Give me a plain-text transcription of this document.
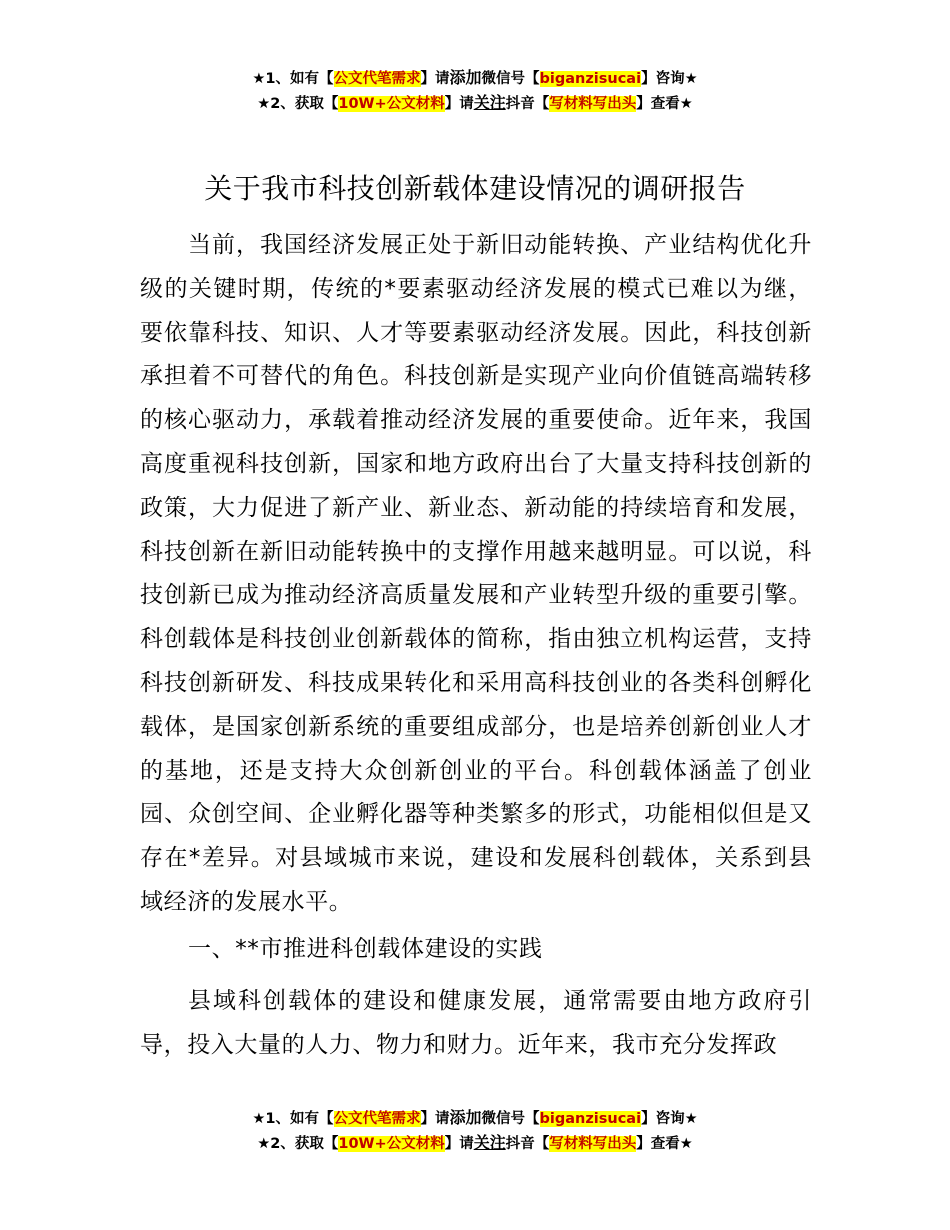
★1、如有【公文代笔需求】请添加微信号【biganzisucai】咨询★
★2、获取【10W+公文材料】请关注抖音【写材料写出头】查看★
关于我市科技创新载体建设情况的调研报告

当前，我国经济发展正处于新旧动能转换、产业结构优化升级的关键时期，传统的*要素驱动经济发展的模式已难以为继，要依靠科技、知识、人才等要素驱动经济发展。因此，科技创新承担着不可替代的角色。科技创新是实现产业向价值链高端转移的核心驱动力，承载着推动经济发展的重要使命。近年来，我国高度重视科技创新，国家和地方政府出台了大量支持科技创新的政策，大力促进了新产业、新业态、新动能的持续培育和发展，科技创新在新旧动能转换中的支撑作用越来越明显。可以说，科技创新已成为推动经济高质量发展和产业转型升级的重要引擎。科创载体是科技创业创新载体的简称，指由独立机构运营，支持科技创新研发、科技成果转化和采用高科技创业的各类科创孵化载体，是国家创新系统的重要组成部分，也是培养创新创业人才的基地，还是支持大众创新创业的平台。科创载体涵盖了创业园、众创空间、企业孵化器等种类繁多的形式，功能相似但是又存在*差异。对县域城市来说，建设和发展科创载体，关系到县域经济的发展水平。

一、**市推进科创载体建设的实践

县域科创载体的建设和健康发展，通常需要由地方政府引导，投入大量的人力、物力和财力。近年来，我市充分发挥政

★1、如有【公文代笔需求】请添加微信号【biganzisucai】咨询★
★2、获取【10W+公文材料】请关注抖音【写材料写出头】查看★
